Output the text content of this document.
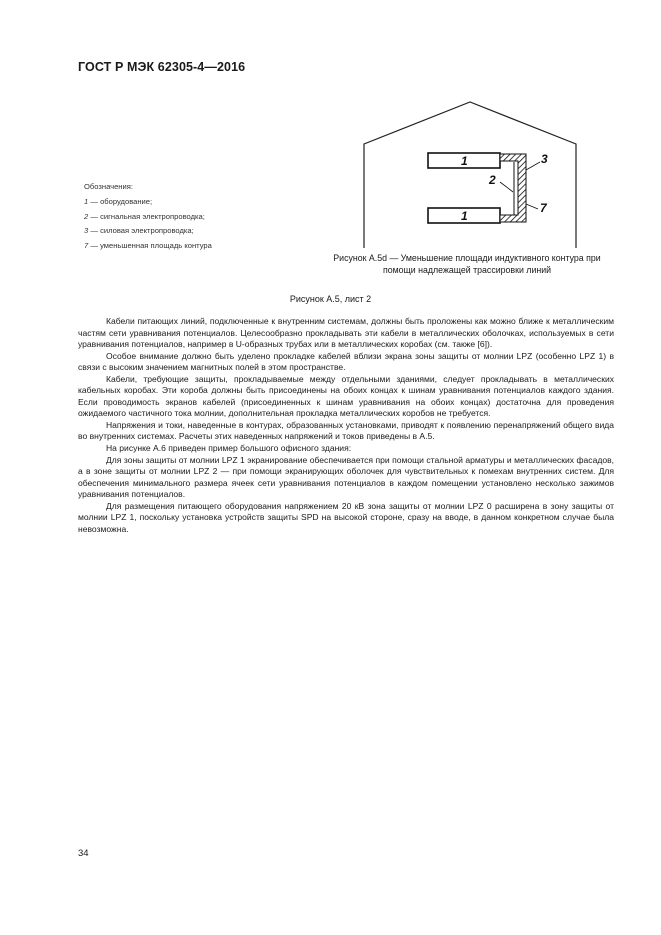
ГОСТ Р МЭК 62305-4—2016
Обозначения:
1 — оборудование;
2 — сигнальная электропроводка;
3 — силовая электропроводка;
7 — уменьшенная площадь контура
1
1
2
3
7
Рисунок А.5d — Уменьшение площади индуктивного контура при помощи надлежащей трассировки линий
Рисунок А.5, лист 2

Кабели питающих линий, подключенные к внутренним системам, должны быть проложены как можно ближе к металлическим частям сети уравнивания потенциалов. Целесообразно прокладывать эти кабели в металлических оболочках, используемых в сети уравнивания потенциалов, например в U-образных трубах или в металлических коробах (см. также [6]).

Особое внимание должно быть уделено прокладке кабелей вблизи экрана зоны защиты от молнии LPZ (особенно LPZ 1) в связи с высоким значением магнитных полей в этом пространстве.

Кабели, требующие защиты, прокладываемые между отдельными зданиями, следует прокладывать в металлических кабельных коробах. Эти короба должны быть присоединены на обоих концах к шинам уравнивания потенциалов каждого здания. Если проводимость экранов кабелей (присоединенных к шинам уравнивания на обоих концах) достаточна для проведения ожидаемого частичного тока молнии, дополнительная прокладка металлических коробов не требуется.

Напряжения и токи, наведенные в контурах, образованных установками, приводят к появлению перенапряжений общего вида во внутренних системах. Расчеты этих наведенных напряжений и токов приведены в А.5.

На рисунке А.6 приведен пример большого офисного здания:

Для зоны защиты от молнии LPZ 1 экранирование обеспечивается при помощи стальной арматуры и металлических фасадов, а в зоне защиты от молнии LPZ 2 — при помощи экранирующих оболочек для чувствительных к помехам внутренних систем. Для обеспечения минимального размера ячеек сети уравнивания потенциалов в каждом помещении установлено несколько зажимов уравнивания потенциалов.

Для размещения питающего оборудования напряжением 20 кВ зона защиты от молнии LPZ 0 расширена в зону защиты от молнии LPZ 1, поскольку установка устройств защиты SPD на высокой стороне, сразу на вводе, в данном конкретном случае была невозможна.

34
